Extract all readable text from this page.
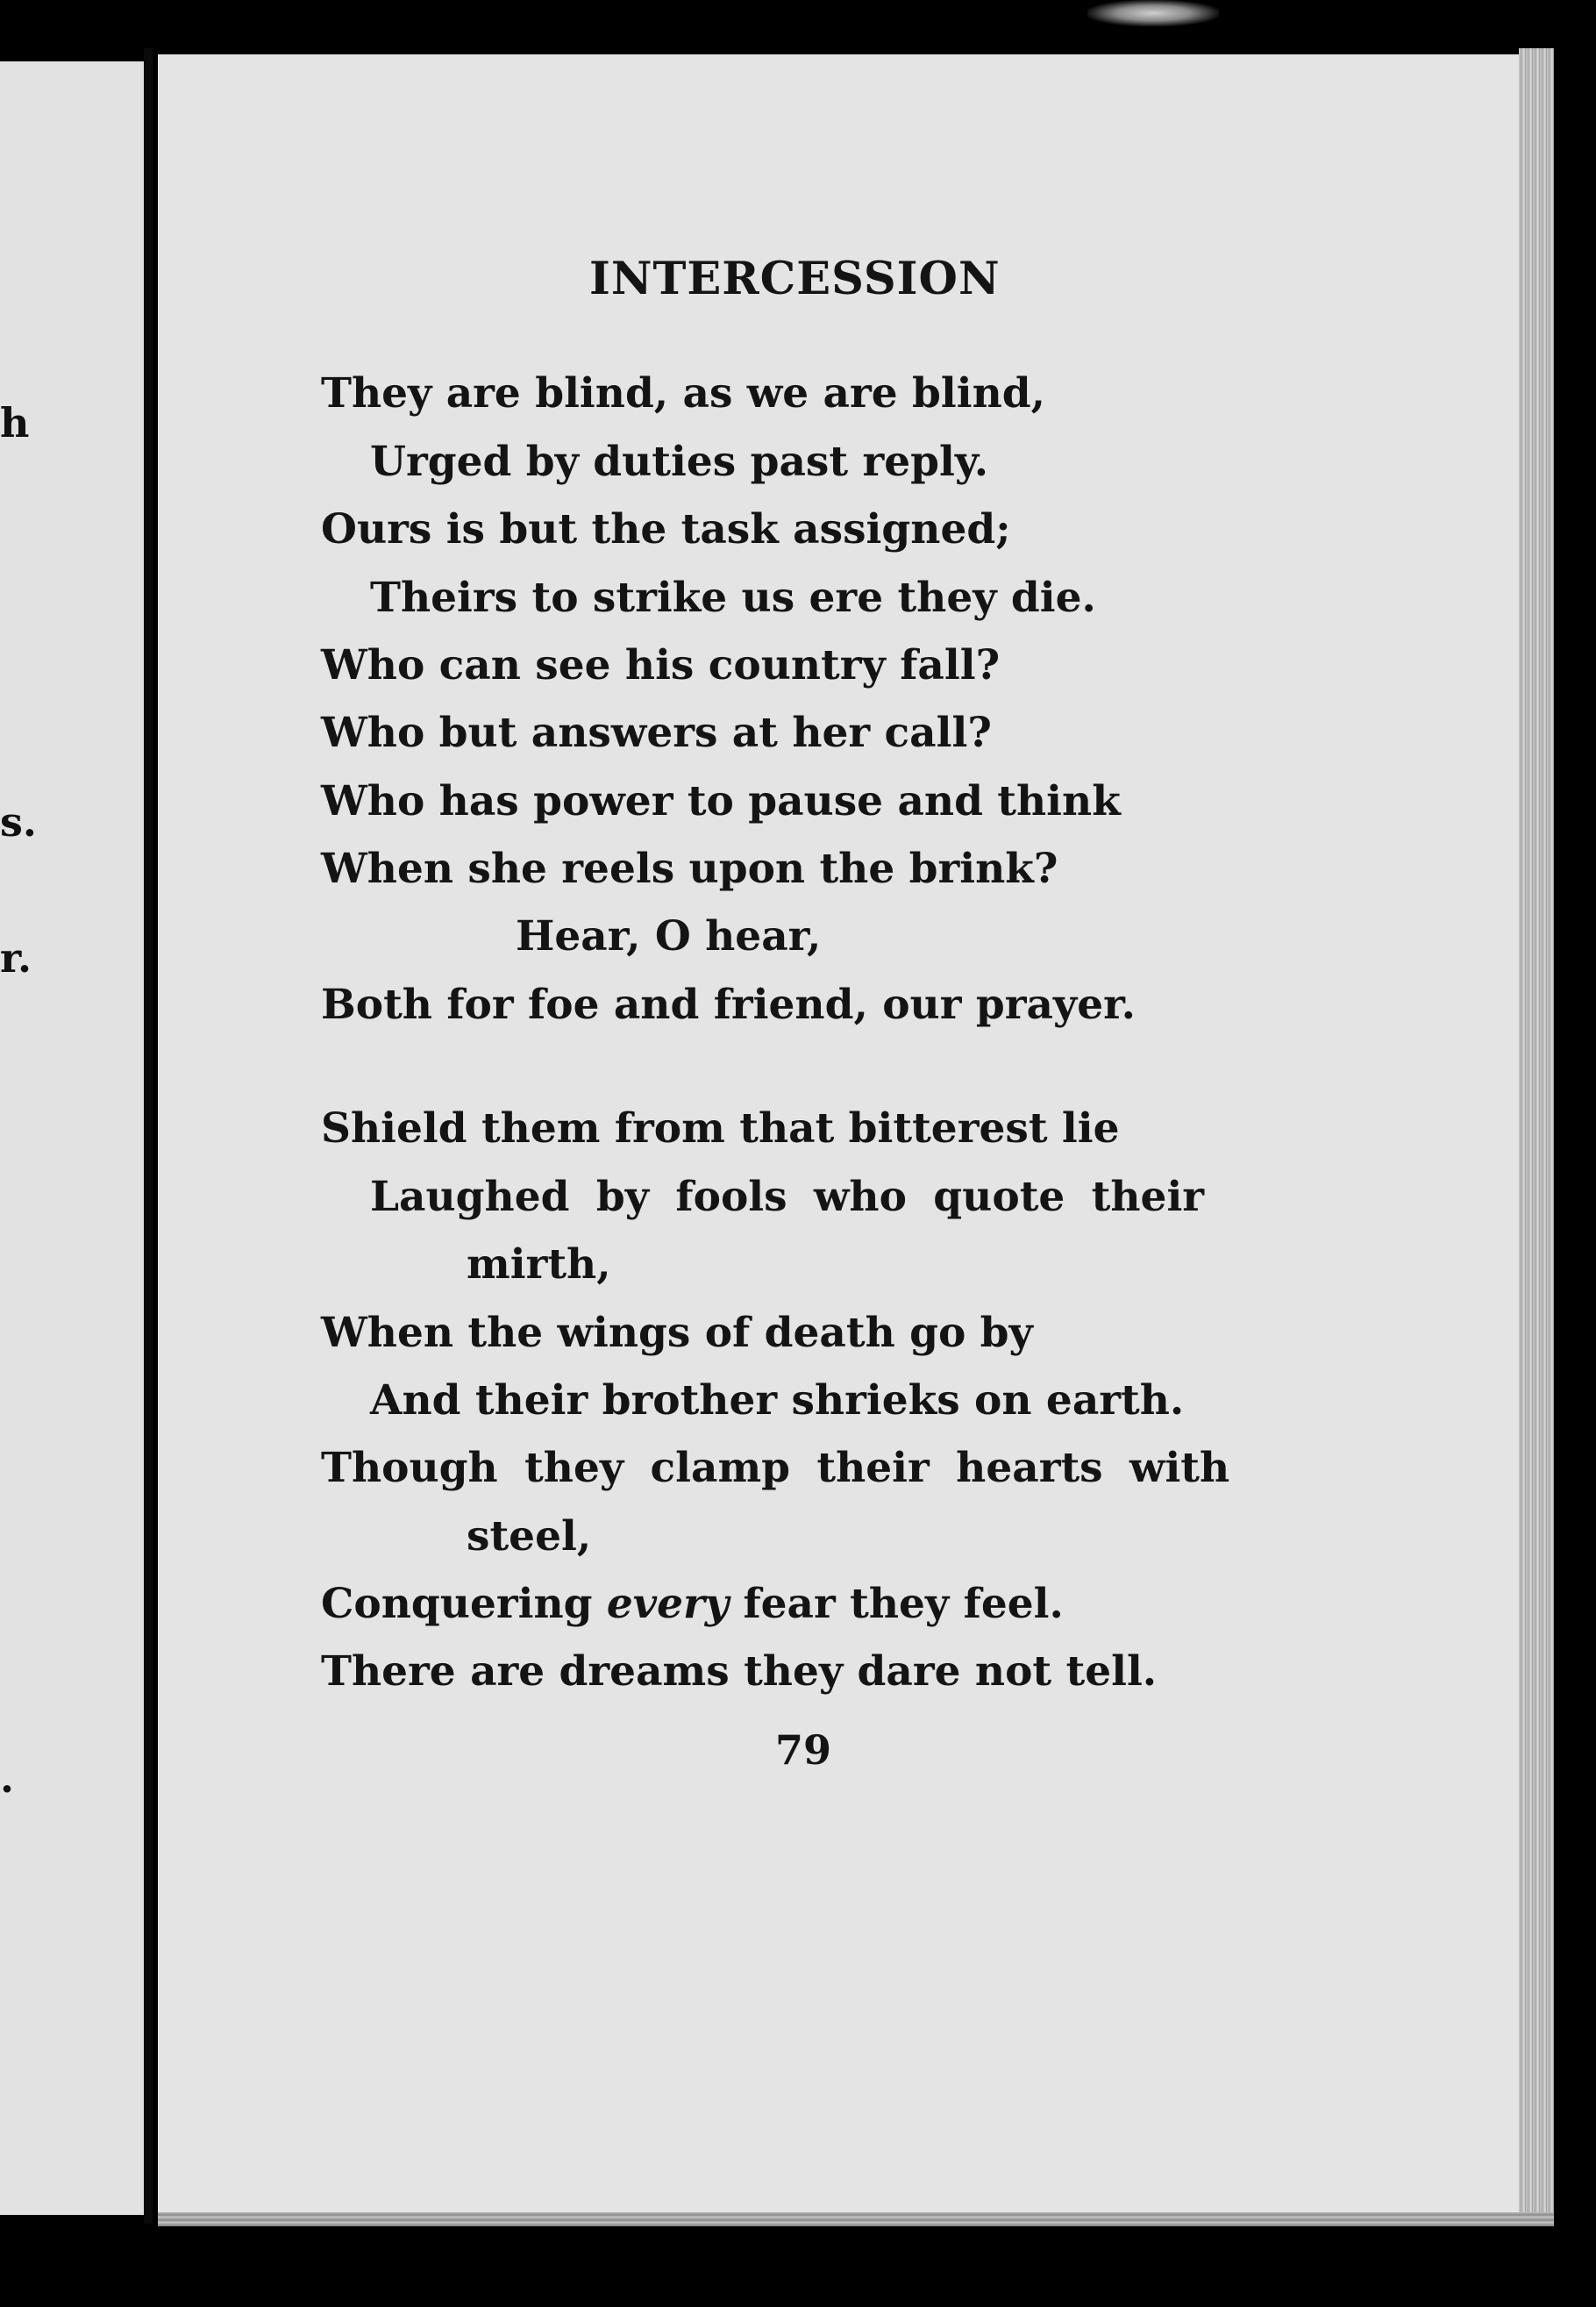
h
s.
r.
.
INTERCESSION
They are blind, as we are blind,
Urged by duties past reply.
Ours is but the task assigned;
Theirs to strike us ere they die.
Who can see his country fall?
Who but answers at her call?
Who has power to pause and think
When she reels upon the brink?
Hear, O hear,
Both for foe and friend, our prayer.
Shield them from that bitterest lie
Laughed by fools who quote their
mirth,
When the wings of death go by
And their brother shrieks on earth.
Though they clamp their hearts with
steel,
Conquering every fear they feel.
There are dreams they dare not tell.
79
